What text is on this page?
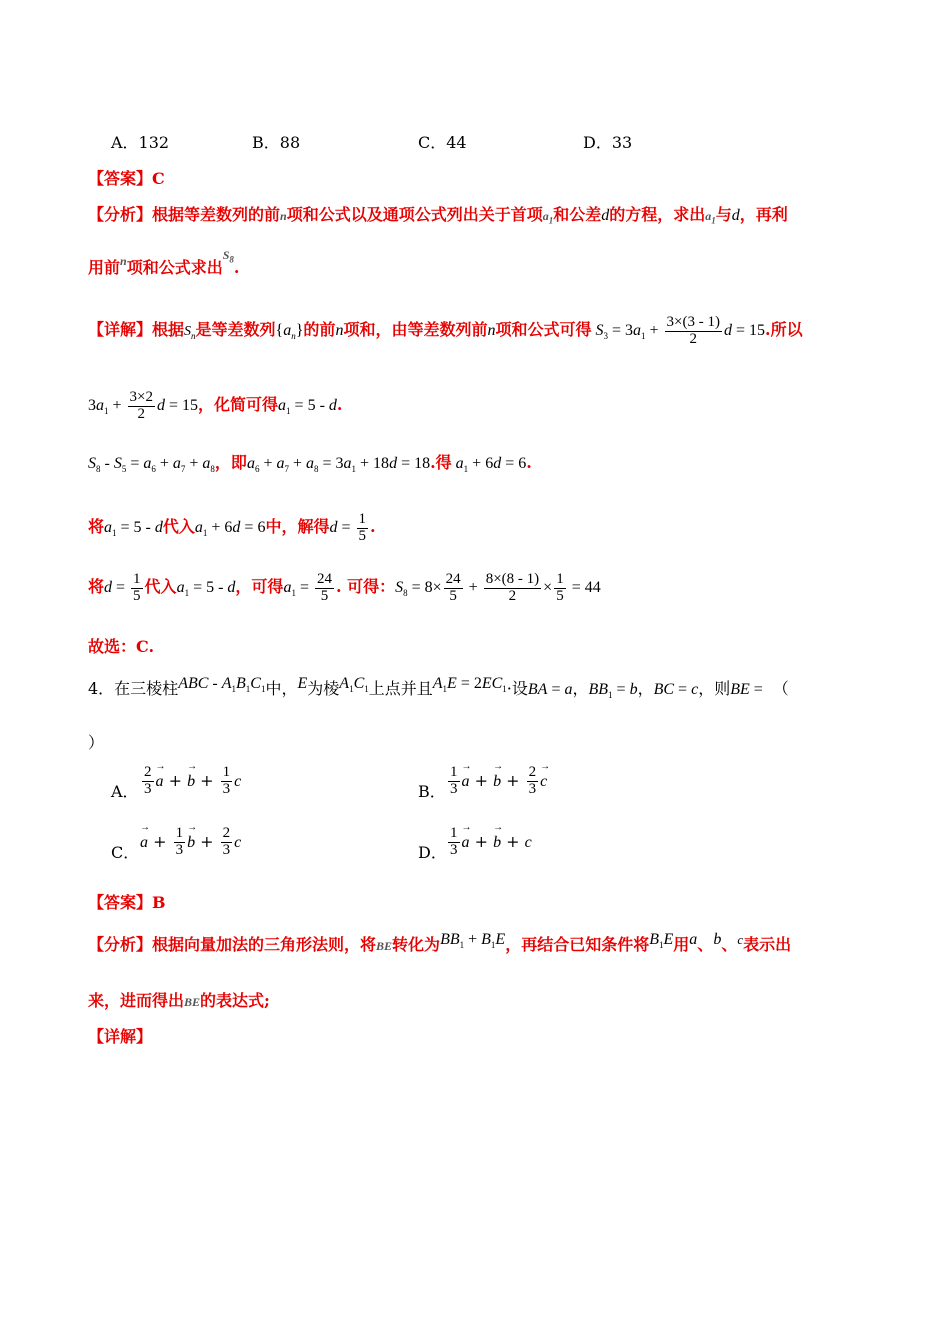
A．132	B．88	C．44	D．33
【答案】C
【分析】根据等差数列的前n项和公式以及通项公式列出关于首项$a_1$和公差d的方程，求出$a_1$与d，再利
用前$^n$项和公式求出$^{S_8}$.
【详解】根据$S_n$是等差数列$\{a_n\}$的前n项和，由等差数列前n项和公式可得 $S_3 = 3a_1 + \frac{3\times(3 - 1)}{2}$ d = 15.所以
$3a_1 + \frac{3\times 2}{2}$ d = 15，化简可得$a_1 = 5 - d$.
$S_8 - S_5 = a_6 + a_7 + a_8$，即$a_6 + a_7 + a_8 = 3a_1 + 18d = 18$.得 $a_1 + 6d = 6$.
将$a_1 = 5 - d$代入$a_1 + 6d = 6$中，解得$d = \frac{1}{5}$ .
将$d = \frac{1}{5}$ 代入$a_1 = 5 - d$，可得$a_1 = \frac{24}{5}$ . 可得：$S_8 = 8\times \frac{24}{5} + \frac{8\times(8 - 1)}{2} \times \frac{1}{5} = 44$
故选：C.
4．在三棱柱ABC - $A_1B_1C_1$中，E为棱$A_1C_1$上点并且$A_1E = 2EC_1\cdot$设BA = a，$BB_1 = b$，BC = c，则BE = （
）
A． $\frac{2}{3}$
→ a + → $b + \frac{1}{3}$ c
B． $\frac{1}{3}$
→ a + → $b + \frac{2}{3}$
→ c
C．
→ $a + \frac{1}{3}$
→ $b + \frac{2}{3}$ c
D． $\frac{1}{3}$
→ a + → b + c
【答案】B
【分析】根据向量加法的三角形法则，将BE转化为$BB_1 + B_1E$，再结合已知条件将$B_1E$用a、b、$^c$表示出
来，进而得出BE的表达式;
【详解】
